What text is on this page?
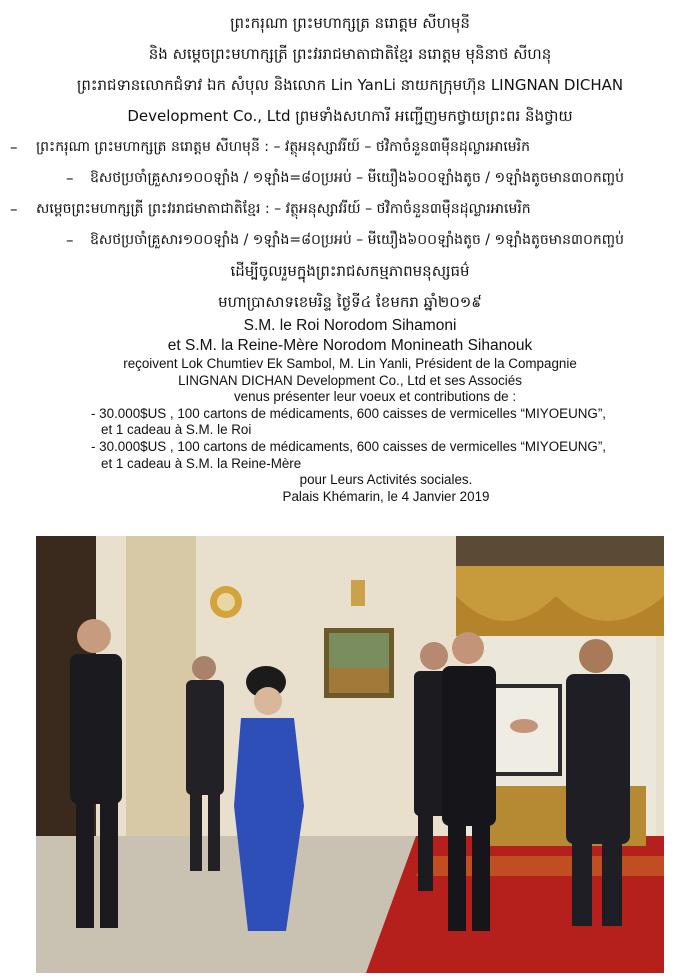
ព្រះករុណា ព្រះមហាក្សត្រ នរោត្តម សីហមុនី
និង សម្តេចព្រះមហាក្សត្រី ព្រះវររាជមាតាជាតិខ្មែរ នរោត្តម មុនិនាថ សីហនុ
ព្រះរាជទានលោកជំទាវ ឯក សំបុល និងលោក Lin YanLi នាយកក្រុមហ៊ុន LINGNAN DICHAN
Development Co., Ltd ព្រមទាំងសហការី អញ្ជើញមកថ្វាយព្រះពរ និងថ្វាយ
– ព្រះករុណា ព្រះមហាក្សត្រ នរោត្តម សីហមុនី : – វត្ថុអនុស្សាវរីយ៍ – ថវិកាចំនួន៣ម៉ឺនដុល្លារអាមេរិក
– ឱសថប្រចាំគ្រួសារ១០០ឡាំង / ១ឡាំង=៨០ប្រអប់ – មីយឿង៦០០ឡាំងតូច / ១ឡាំងតូចមាន៣០កញ្ចប់
– សម្តេចព្រះមហាក្សត្រី ព្រះវររាជមាតាជាតិខ្មែរ : – វត្ថុអនុស្សាវរីយ៍ – ថវិកាចំនួន៣ម៉ឺនដុល្លារអាមេរិក
– ឱសថប្រចាំគ្រួសារ១០០ឡាំង / ១ឡាំង=៨០ប្រអប់ – មីយឿង៦០០ឡាំងតូច / ១ឡាំងតូចមាន៣០កញ្ចប់
ដើម្បីចូលរួមក្នុងព្រះរាជសកម្មភាពមនុស្សធម៌
មហាប្រាសាទខេមរិន្ទ ថ្ងៃទី៤ ខែមករា ឆ្នាំ២០១៩
S.M. le Roi Norodom Sihamoni
et S.M. la Reine-Mère Norodom Monineath Sihanouk
reçoivent Lok Chumtiev Ek Sambol, M. Lin Yanli, Président de la Compagnie
LINGNAN DICHAN Development Co., Ltd et ses Associés
venus présenter leur voeux et contributions de :
- 30.000$US , 100 cartons de médicaments, 600 caisses de vermicelles “MIYOEUNG”,
et 1 cadeau à S.M. le Roi
- 30.000$US , 100 cartons de médicaments, 600 caisses de vermicelles “MIYOEUNG”,
et 1 cadeau à S.M. la Reine-Mère
pour Leurs Activités sociales.
Palais Khémarin, le 4 Janvier 2019
